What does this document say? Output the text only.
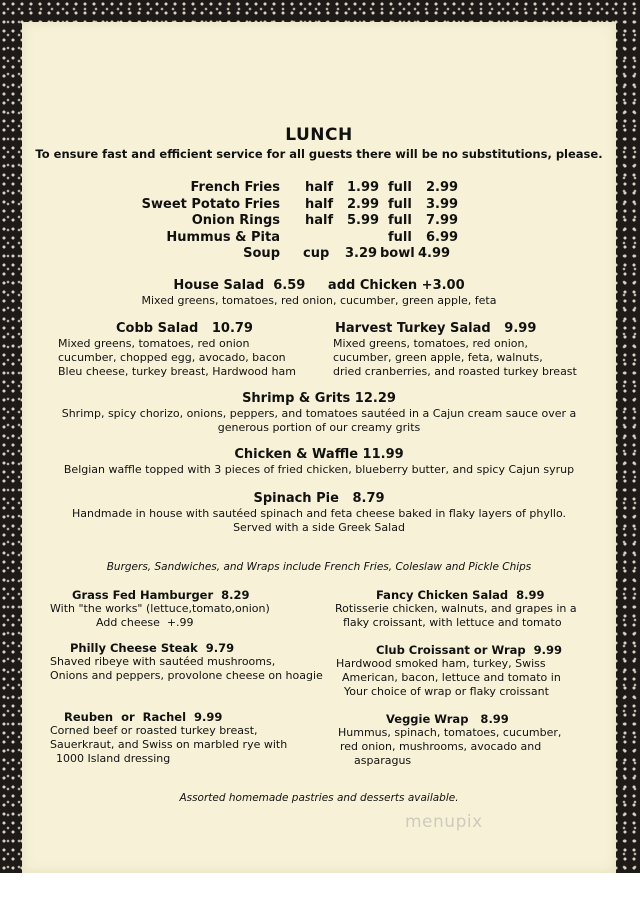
LUNCH
To ensure fast and efficient service for all guests there will be no substitutions, please.
French Fries half 1.99 full 2.99
Sweet Potato Fries half 2.99 full 3.99
Onion Rings half 5.99 full 7.99
Hummus & Pita	full 6.99
Soup cup 3.29 bowl 4.99
House Salad  6.59     add Chicken +3.00
Mixed greens, tomatoes, red onion, cucumber, green apple, feta
Cobb Salad   10.79
Mixed greens, tomatoes, red onion
cucumber, chopped egg, avocado, bacon
Bleu cheese, turkey breast, Hardwood ham
Harvest Turkey Salad   9.99
Mixed greens, tomatoes, red onion,
cucumber, green apple, feta, walnuts,
dried cranberries, and roasted turkey breast
Shrimp & Grits 12.29
Shrimp, spicy chorizo, onions, peppers, and tomatoes sautéed in a Cajun cream sauce over a
generous portion of our creamy grits
Chicken & Waffle 11.99
Belgian waffle topped with 3 pieces of fried chicken, blueberry butter, and spicy Cajun syrup
Spinach Pie   8.79
Handmade in house with sautéed spinach and feta cheese baked in flaky layers of phyllo.
Served with a side Greek Salad
Burgers, Sandwiches, and Wraps include French Fries, Coleslaw and Pickle Chips
Grass Fed Hamburger  8.29
With "the works" (lettuce,tomato,onion)
Add cheese  +.99
Fancy Chicken Salad  8.99
Rotisserie chicken, walnuts, and grapes in a
flaky croissant, with lettuce and tomato
Philly Cheese Steak  9.79
Shaved ribeye with sautéed mushrooms,
Onions and peppers, provolone cheese on hoagie
Club Croissant or Wrap  9.99
Hardwood smoked ham, turkey, Swiss
American, bacon, lettuce and tomato in
Your choice of wrap or flaky croissant
Reuben  or  Rachel  9.99
Corned beef or roasted turkey breast,
Sauerkraut, and Swiss on marbled rye with
1000 Island dressing
Veggie Wrap   8.99
Hummus, spinach, tomatoes, cucumber,
red onion, mushrooms, avocado and
asparagus
Assorted homemade pastries and desserts available.
menupix
